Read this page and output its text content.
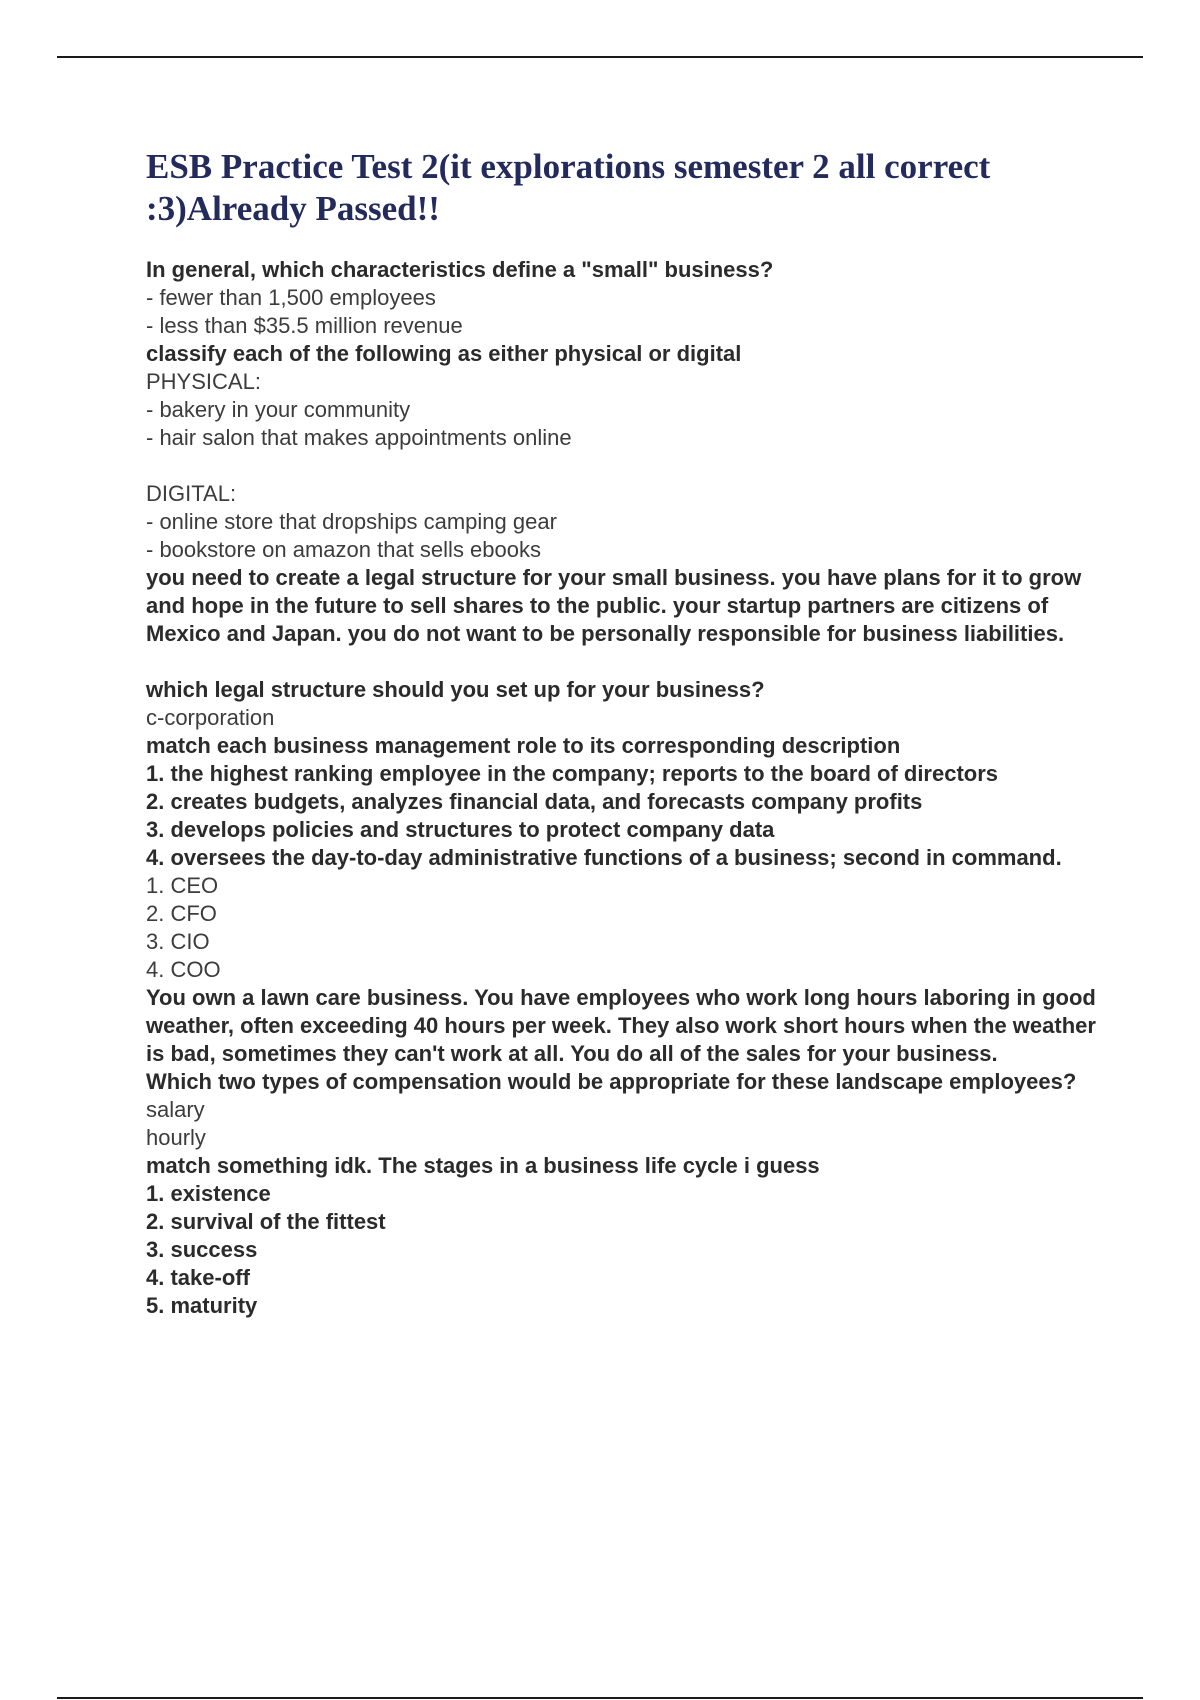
ESB Practice Test 2(it explorations semester 2 all correct :3)Already Passed!!
In general, which characteristics define a "small" business?
- fewer than 1,500 employees
- less than $35.5 million revenue
classify each of the following as either physical or digital
PHYSICAL:
- bakery in your community
- hair salon that makes appointments online

DIGITAL:
- online store that dropships camping gear
- bookstore on amazon that sells ebooks
you need to create a legal structure for your small business. you have plans for it to grow and hope in the future to sell shares to the public. your startup partners are citizens of Mexico and Japan. you do not want to be personally responsible for business liabilities.

which legal structure should you set up for your business?
c-corporation
match each business management role to its corresponding description
1. the highest ranking employee in the company; reports to the board of directors
2. creates budgets, analyzes financial data, and forecasts company profits
3. develops policies and structures to protect company data
4. oversees the day-to-day administrative functions of a business; second in command.
1. CEO
2. CFO
3. CIO
4. COO
You own a lawn care business. You have employees who work long hours laboring in good weather, often exceeding 40 hours per week. They also work short hours when the weather is bad, sometimes they can't work at all. You do all of the sales for your business.
Which two types of compensation would be appropriate for these landscape employees?
salary
hourly
match something idk. The stages in a business life cycle i guess
1. existence
2. survival of the fittest
3. success
4. take-off
5. maturity
